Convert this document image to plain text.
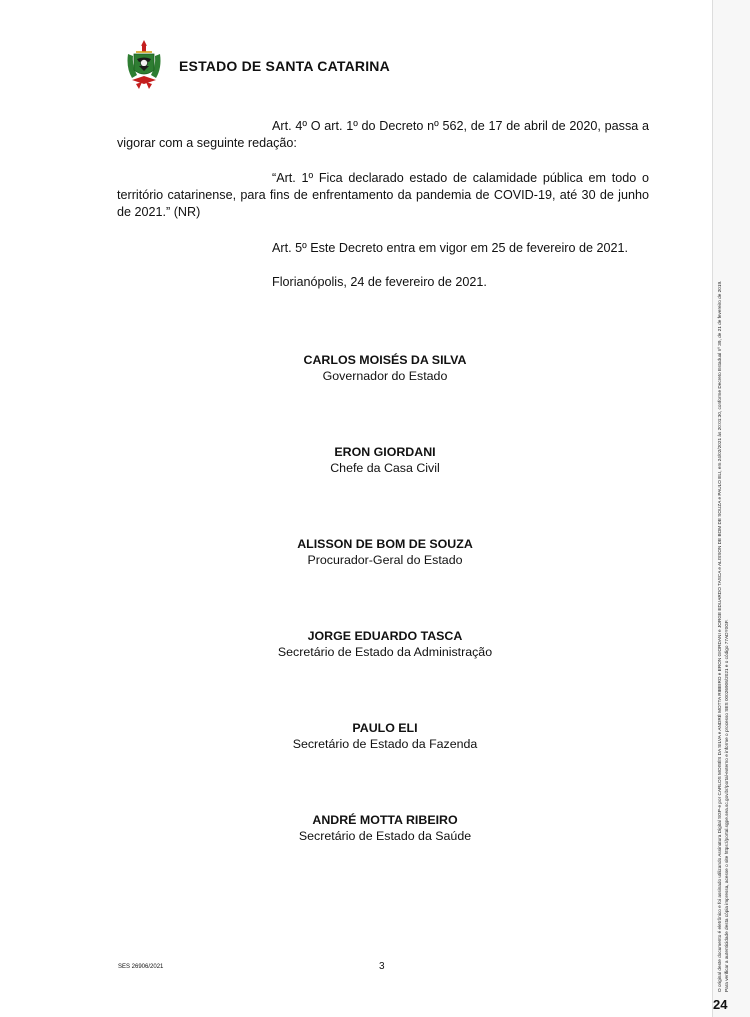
ESTADO DE SANTA CATARINA

Art. 4º O art. 1º do Decreto nº 562, de 17 de abril de 2020, passa a vigorar com a seguinte redação:

“Art. 1º Fica declarado estado de calamidade pública em todo o território catarinense, para fins de enfrentamento da pandemia de COVID-19, até 30 de junho de 2021.” (NR)

Art. 5º Este Decreto entra em vigor em 25 de fevereiro de 2021.

Florianópolis, 24 de fevereiro de 2021.

CARLOS MOISÉS DA SILVA
Governador do Estado
ERON GIORDANI
Chefe da Casa Civil
ALISSON DE BOM DE SOUZA
Procurador-Geral do Estado
JORGE EDUARDO TASCA
Secretário de Estado da Administração
PAULO ELI
Secretário de Estado da Fazenda
ANDRÉ MOTTA RIBEIRO
Secretário de Estado da Saúde
SES 26906/2021	3	O original deste documento é eletrônico e foi assinado utilizando Assinatura Digital SGP-e por CARLOS MOISÉS DA SILVA e ANDRÉ MOTTA RIBEIRO e ERON GIORDANI e JORGE EDUARDO TASCA e ALISSON DE BOM DE SOUZA e PAULO ELI, em 24/02/2021 às 20:01:30, conforme Decreto Estadual nº 39, de 21 de fevereiro de 2019. Para verificar a autenticidade desta cópia impressa, acesse o site https://portal.sgpe.sea.sc.gov.br/portal-externo e informe o processo SES 00026906/2021 e o código 77ADY0GF.
24
